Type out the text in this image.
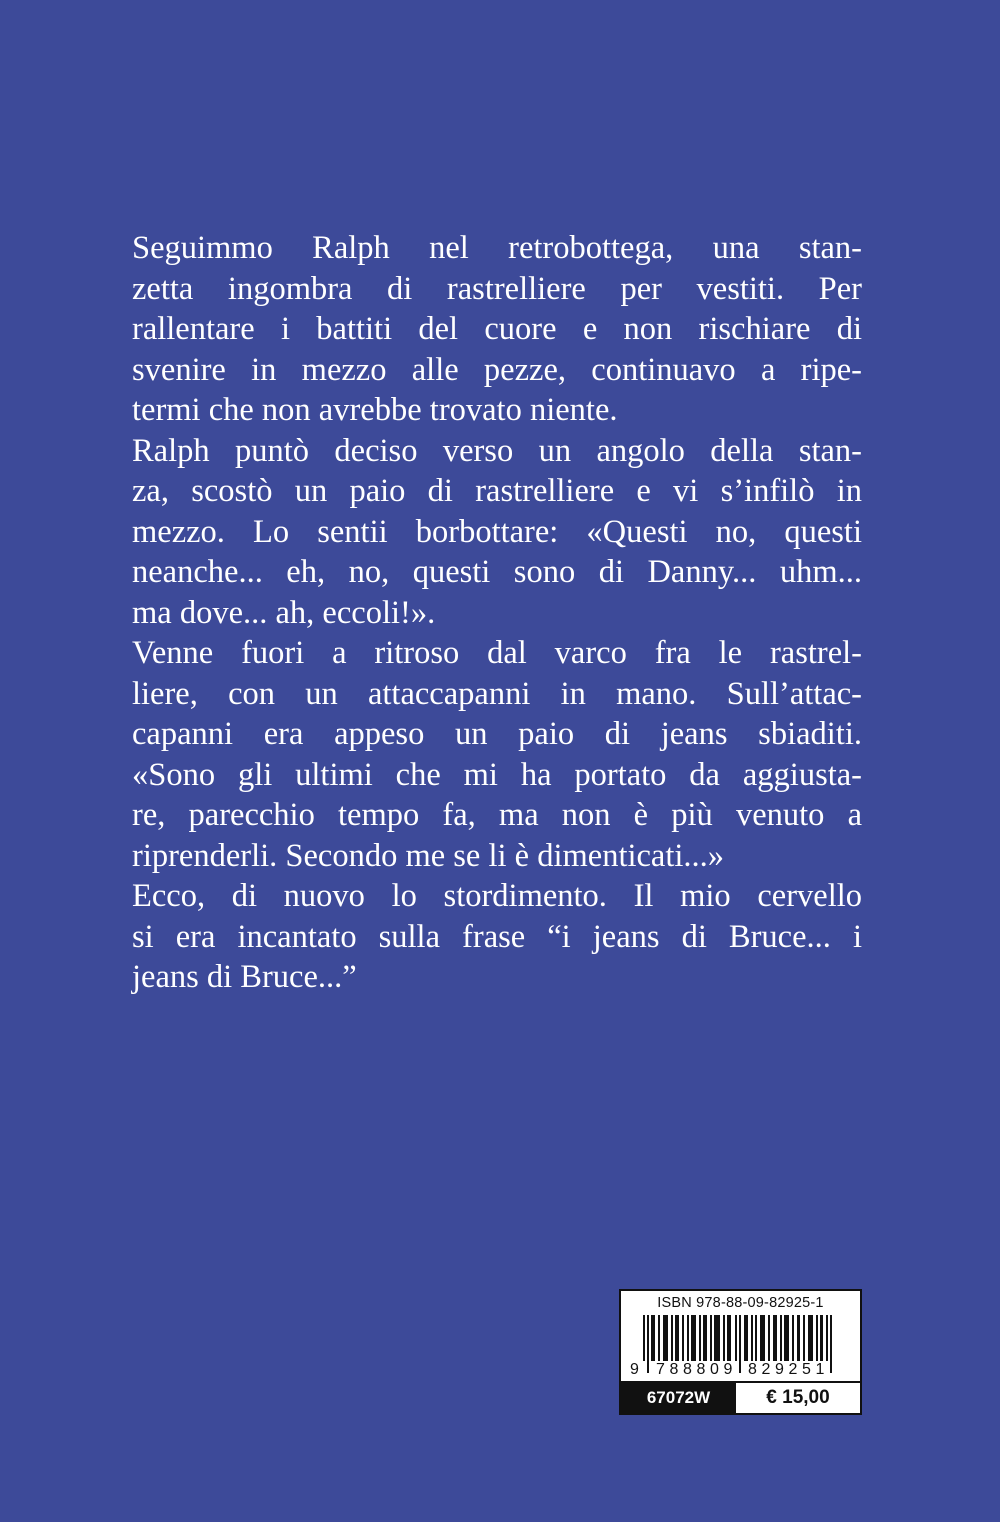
Seguimmo Ralph nel retrobottega, una stan-
zetta ingombra di rastrelliere per vestiti. Per
rallentare i battiti del cuore e non rischiare di
svenire in mezzo alle pezze, continuavo a ripe-
termi che non avrebbe trovato niente.
Ralph puntò deciso verso un angolo della stan-
za, scostò un paio di rastrelliere e vi s’infilò in
mezzo. Lo sentii borbottare: «Questi no, questi
neanche... eh, no, questi sono di Danny... uhm...
ma dove... ah, eccoli!».
Venne fuori a ritroso dal varco fra le rastrel-
liere, con un attaccapanni in mano. Sull’attac-
capanni era appeso un paio di jeans sbiaditi.
«Sono gli ultimi che mi ha portato da aggiusta-
re, parecchio tempo fa, ma non è più venuto a
riprenderli. Secondo me se li è dimenticati...»
Ecco, di nuovo lo stordimento. Il mio cervello
si era incantato sulla frase “i jeans di Bruce... i
jeans di Bruce...”
ISBN 978-88-09-82925-1
9 788809 829251
67072W	€ 15,00
